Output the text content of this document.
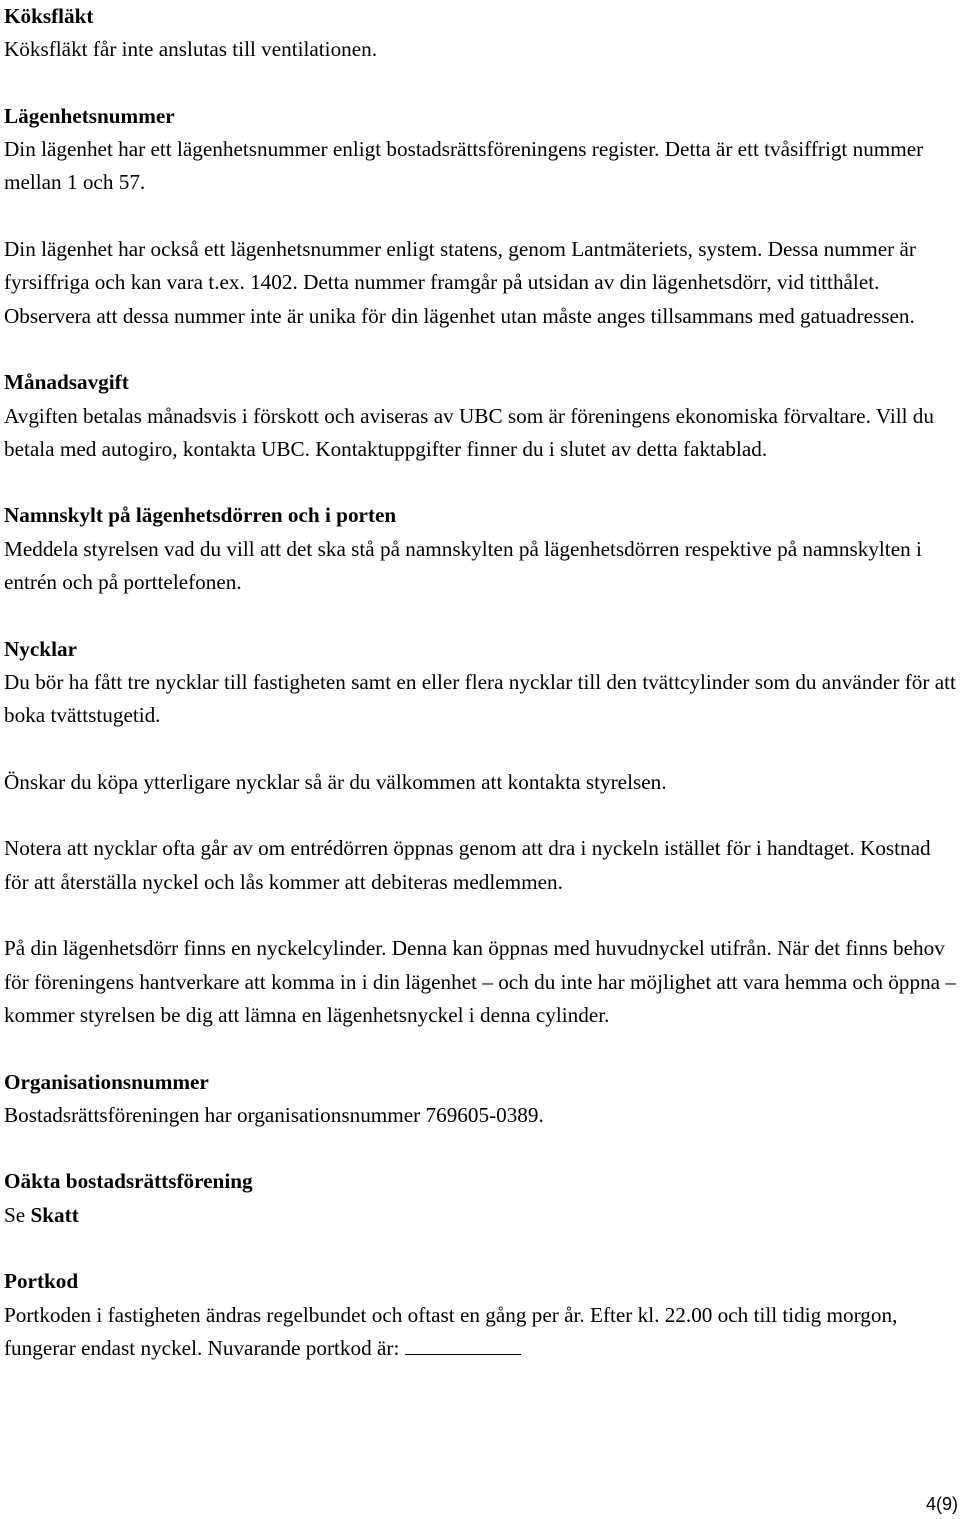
Köksfläkt

Köksfläkt får inte anslutas till ventilationen.

Lägenhetsnummer

Din lägenhet har ett lägenhetsnummer enligt bostadsrättsföreningens register. Detta är ett tvåsiffrigt nummer mellan 1 och 57.

Din lägenhet har också ett lägenhetsnummer enligt statens, genom Lantmäteriets, system. Dessa nummer är fyrsiffriga och kan vara t.ex. 1402. Detta nummer framgår på utsidan av din lägenhetsdörr, vid titthålet. Observera att dessa nummer inte är unika för din lägenhet utan måste anges tillsammans med gatuadressen.

Månadsavgift

Avgiften betalas månadsvis i förskott och aviseras av UBC som är föreningens ekonomiska förvaltare. Vill du betala med autogiro, kontakta UBC. Kontaktuppgifter finner du i slutet av detta faktablad.

Namnskylt på lägenhetsdörren och i porten

Meddela styrelsen vad du vill att det ska stå på namnskylten på lägenhetsdörren respektive på namnskylten i entrén och på porttelefonen.

Nycklar

Du bör ha fått tre nycklar till fastigheten samt en eller flera nycklar till den tvättcylinder som du använder för att boka tvättstugetid.

Önskar du köpa ytterligare nycklar så är du välkommen att kontakta styrelsen.

Notera att nycklar ofta går av om entrédörren öppnas genom att dra i nyckeln istället för i handtaget. Kostnad för att återställa nyckel och lås kommer att debiteras medlemmen.

På din lägenhetsdörr finns en nyckelcylinder. Denna kan öppnas med huvudnyckel utifrån. När det finns behov för föreningens hantverkare att komma in i din lägenhet – och du inte har möjlighet att vara hemma och öppna – kommer styrelsen be dig att lämna en lägenhetsnyckel i denna cylinder.

Organisationsnummer

Bostadsrättsföreningen har organisationsnummer 769605-0389.

Oäkta bostadsrättsförening

Se Skatt

Portkod

Portkoden i fastigheten ändras regelbundet och oftast en gång per år. Efter kl. 22.00 och till tidig morgon, fungerar endast nyckel. Nuvarande portkod är:

4(9)
